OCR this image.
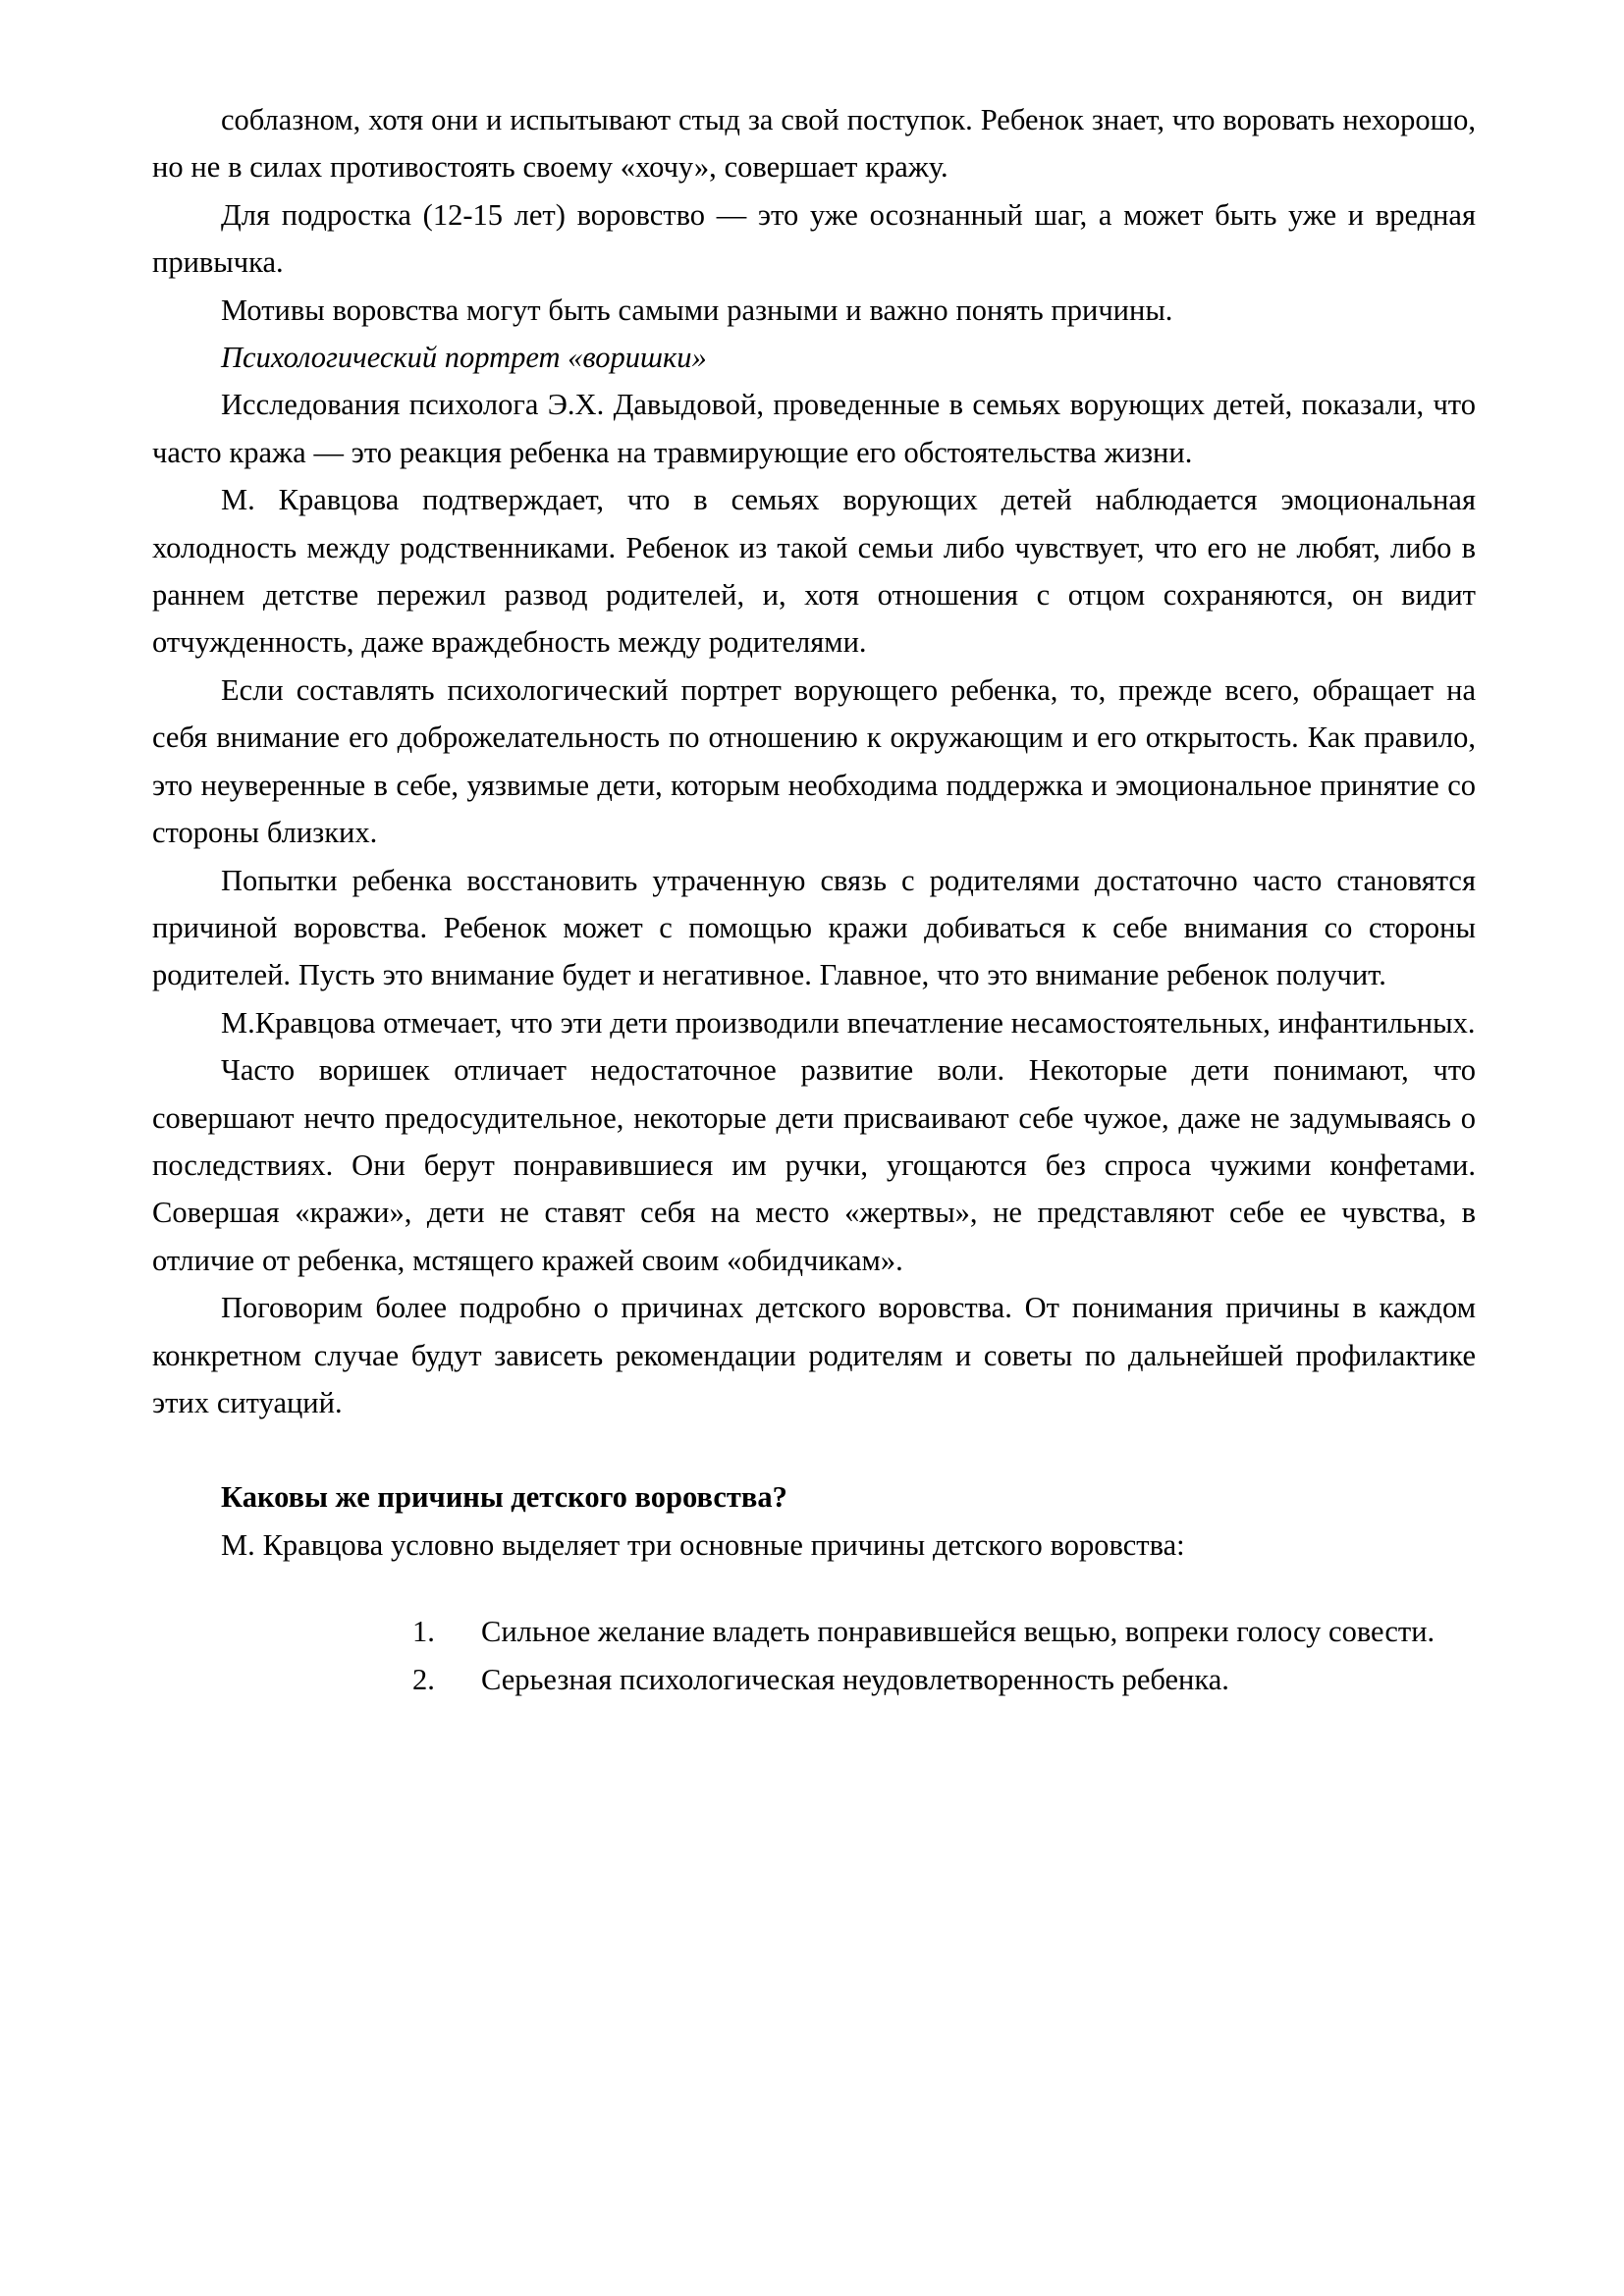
соблазном, хотя они и испытывают стыд за свой поступок. Ребенок знает, что воровать нехорошо, но не в силах противостоять своему «хочу», совершает кражу.

Для подростка (12-15 лет) воровство — это уже осознанный шаг, а может быть уже и вредная привычка.

Мотивы воровства могут быть самыми разными и важно понять причины.

Психологический портрет «воришки»

Исследования психолога Э.Х. Давыдовой, проведенные в семьях ворующих детей, показали, что часто кража — это реакция ребенка на травмирующие его обстоятельства жизни.

М. Кравцова подтверждает, что в семьях ворующих детей наблюдается эмоциональная холодность между родственниками. Ребенок из такой семьи либо чувствует, что его не любят, либо в раннем детстве пережил развод родителей, и, хотя отношения с отцом сохраняются, он видит отчужденность, даже враждебность между родителями.

Если составлять психологический портрет ворующего ребенка, то, прежде всего, обращает на себя внимание его доброжелательность по отношению к окружающим и его открытость. Как правило, это неуверенные в себе, уязвимые дети, которым необходима поддержка и эмоциональное принятие со стороны близких.

Попытки ребенка восстановить утраченную связь с родителями достаточно часто становятся причиной воровства. Ребенок может с помощью кражи добиваться к себе внимания со стороны родителей. Пусть это внимание будет и негативное. Главное, что это внимание ребенок получит.

М.Кравцова отмечает, что эти дети производили впечатление несамостоятельных, инфантильных.

Часто воришек отличает недостаточное развитие воли. Некоторые дети понимают, что совершают нечто предосудительное, некоторые дети присваивают себе чужое, даже не задумываясь о последствиях. Они берут понравившиеся им ручки, угощаются без спроса чужими конфетами. Совершая «кражи», дети не ставят себя на место «жертвы», не представляют себе ее чувства, в отличие от ребенка, мстящего кражей своим «обидчикам».

Поговорим более подробно о причинах детского воровства. От понимания причины в каждом конкретном случае будут зависеть рекомендации родителям и советы по дальнейшей профилактике этих ситуаций.

Каковы же причины детского воровства?

М. Кравцова условно выделяет три основные причины детского воровства:

1.	Сильное желание владеть понравившейся вещью, вопреки голосу совести.
2.	Серьезная психологическая неудовлетворенность ребенка.
